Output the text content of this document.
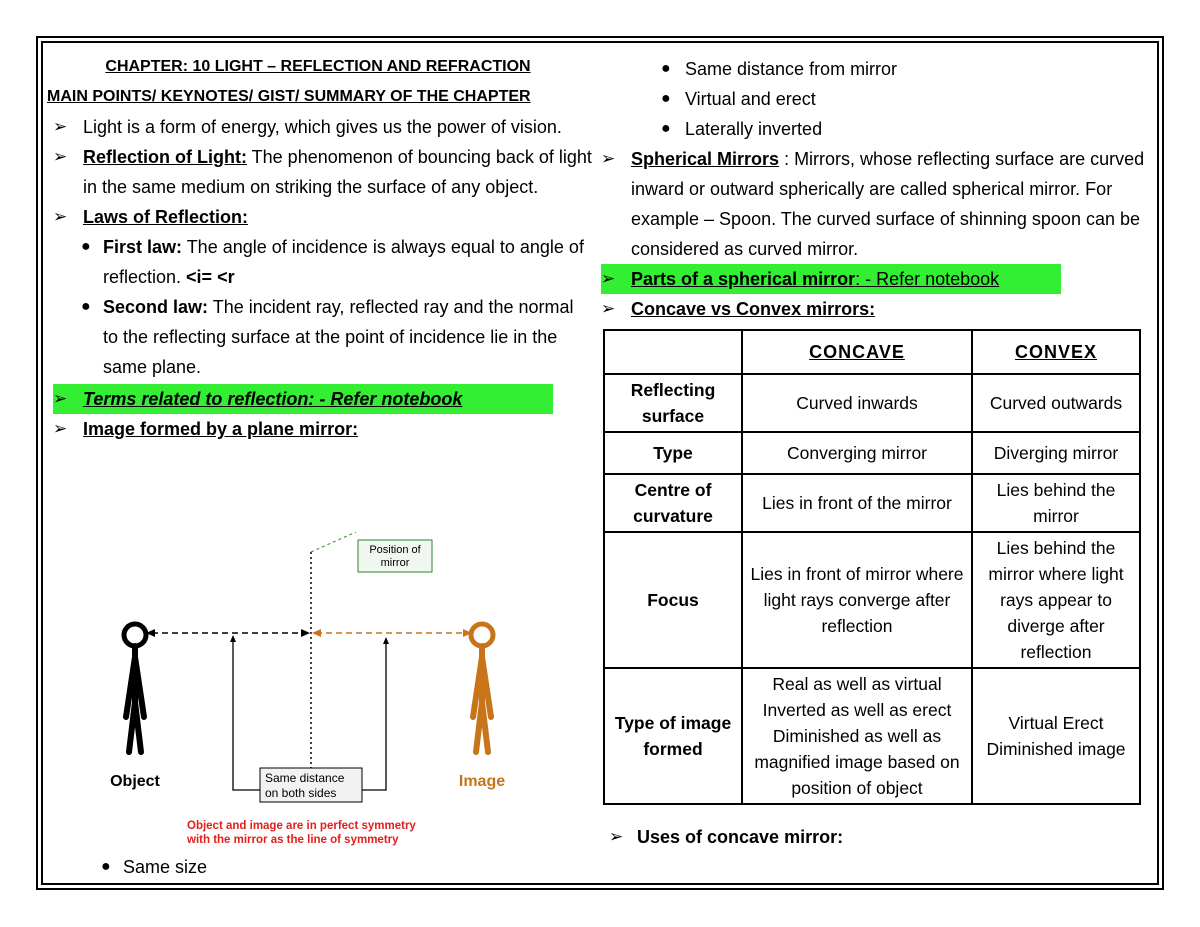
CHAPTER: 10 LIGHT – REFLECTION AND REFRACTION
MAIN POINTS/ KEYNOTES/ GIST/ SUMMARY OF THE CHAPTER
➢ Light is a form of energy, which gives us the power of vision.
➢ Reflection of Light: The phenomenon of bouncing back of light in the same medium on striking the surface of any object.
➢ Laws of Reflection:
● First law: The angle of incidence is always equal to angle of reflection. <i= <r
● Second law: The incident ray, reflected ray and the normal to the reflecting surface at the point of incidence lie in the same plane.
➢ Terms related to reflection: - Refer notebook
➢ Image formed by a plane mirror:
Position of
mirror
Same distance
on both sides
Object	Image
Object and image are in perfect symmetry
with the mirror as the line of symmetry
● Same size
● Same distance from mirror
● Virtual and erect
● Laterally inverted
➢ Spherical Mirrors : Mirrors, whose reflecting surface are curved inward or outward spherically are called spherical mirror. For example – Spoon. The curved surface of shinning spoon can be considered as curved mirror.
➢ Parts of a spherical mirror: - Refer notebook
➢ Concave vs Convex mirrors:
	CONCAVE	CONVEX
Reflecting surface	Curved inwards	Curved outwards
Type	Converging mirror	Diverging mirror
Centre of curvature	Lies in front of the mirror	Lies behind the mirror
Focus	Lies in front of mirror where light rays converge after reflection	Lies behind the mirror where light rays appear to diverge after reflection
Type of image formed	Real as well as virtual Inverted as well as erect Diminished as well as magnified image based on position of object	Virtual Erect Diminished image
➢ Uses of concave mirror:
